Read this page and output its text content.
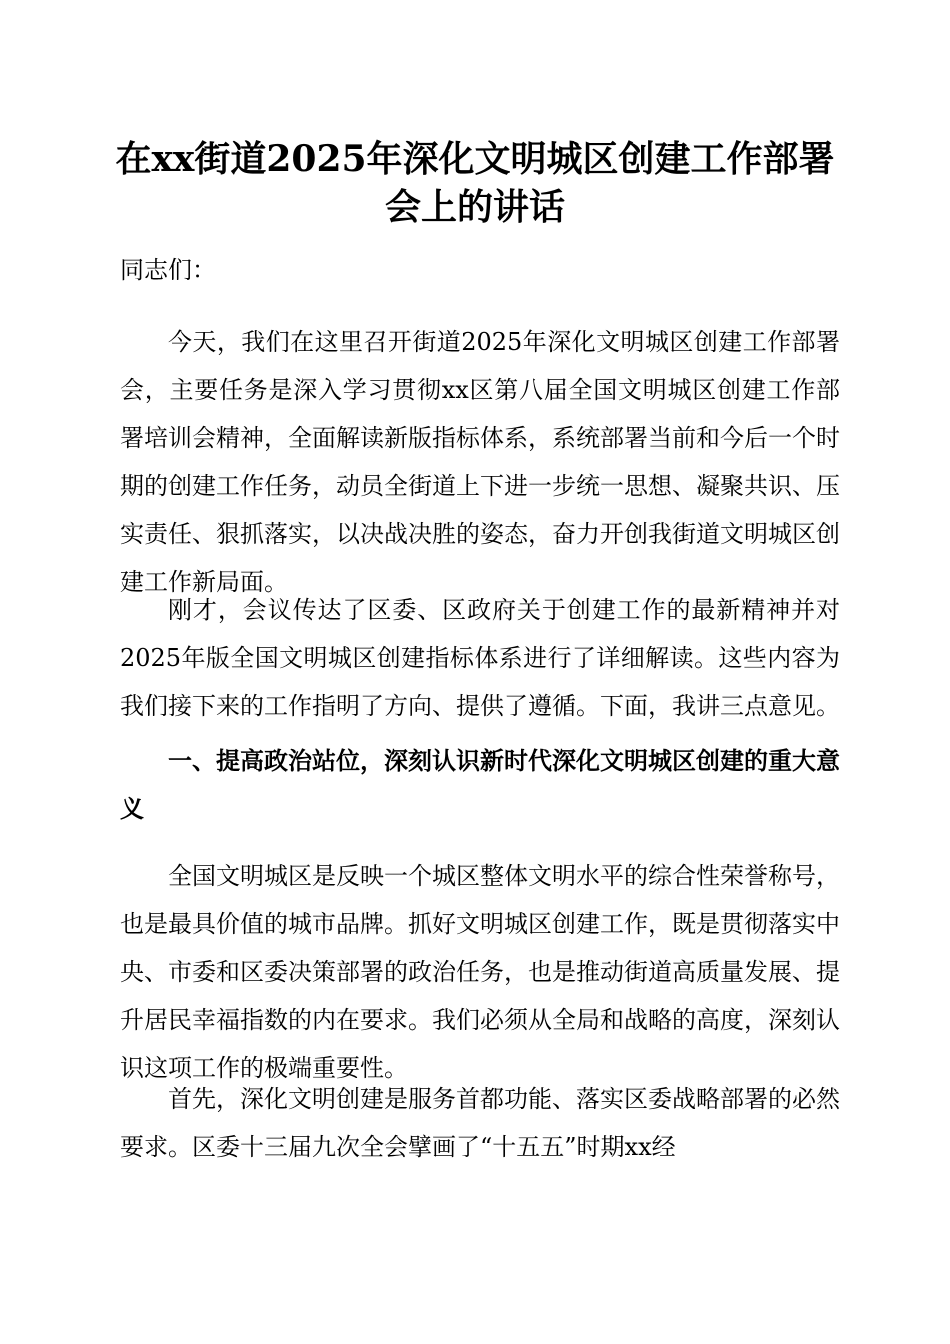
在xx街道2025年深化文明城区创建工作部署
会上的讲话

同志们：

今天，我们在这里召开街道2025年深化文明城区创建工作部署会，主要任务是深入学习贯彻xx区第八届全国文明城区创建工作部署培训会精神，全面解读新版指标体系，系统部署当前和今后一个时期的创建工作任务，动员全街道上下进一步统一思想、凝聚共识、压实责任、狠抓落实，以决战决胜的姿态，奋力开创我街道文明城区创建工作新局面。

刚才，会议传达了区委、区政府关于创建工作的最新精神并对2025年版全国文明城区创建指标体系进行了详细解读。这些内容为我们接下来的工作指明了方向、提供了遵循。下面，我讲三点意见。

一、提高政治站位，深刻认识新时代深化文明城区创建的重大意义

全国文明城区是反映一个城区整体文明水平的综合性荣誉称号，也是最具价值的城市品牌。抓好文明城区创建工作，既是贯彻落实中央、市委和区委决策部署的政治任务，也是推动街道高质量发展、提升居民幸福指数的内在要求。我们必须从全局和战略的高度，深刻认识这项工作的极端重要性。

首先，深化文明创建是服务首都功能、落实区委战略部署的必然要求。区委十三届九次全会擘画了“十五五”时期xx经
